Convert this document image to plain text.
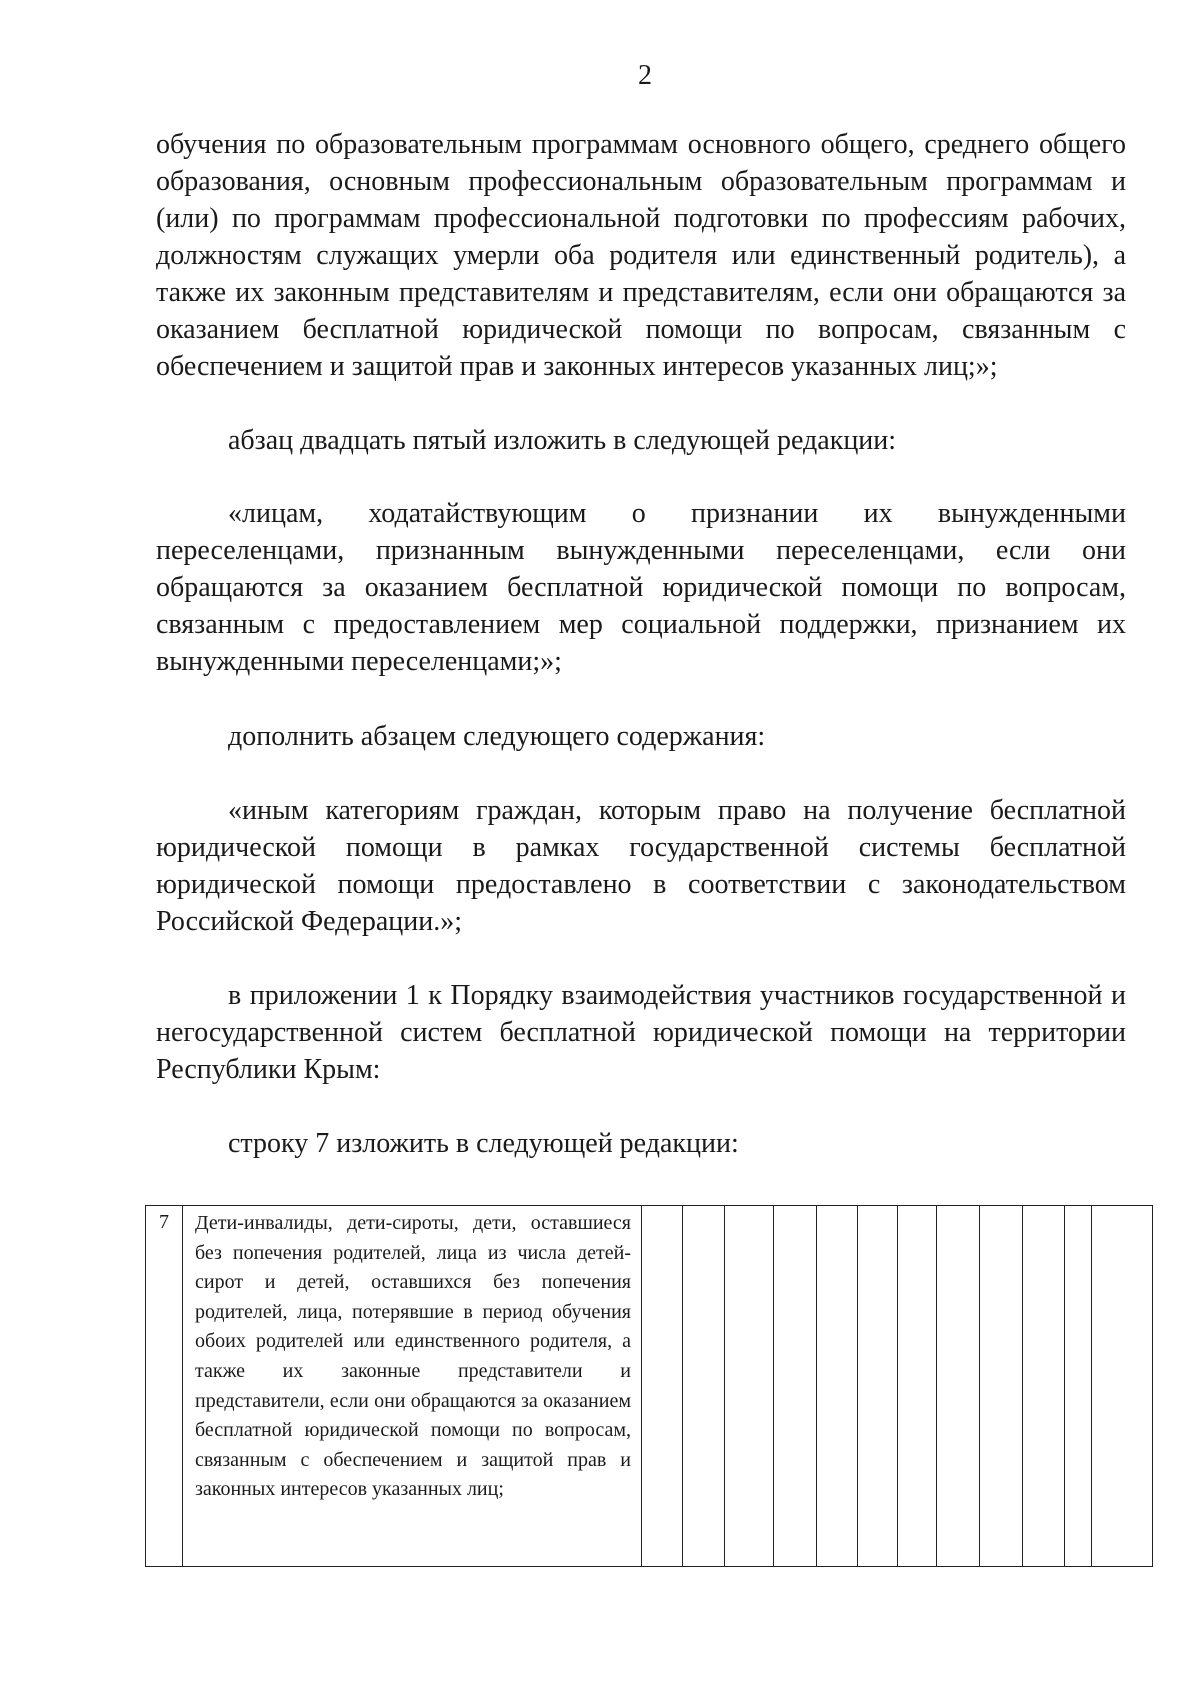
2

обучения по образовательным программам основного общего, среднего общего образования, основным профессиональным образовательным программам и (или) по программам профессиональной подготовки по профессиям рабочих, должностям служащих умерли оба родителя или единственный родитель), а также их законным представителям и представителям, если они обращаются за оказанием бесплатной юридической помощи по вопросам, связанным с обеспечением и защитой прав и законных интересов указанных лиц;»;

абзац двадцать пятый изложить в следующей редакции:

«лицам, ходатайствующим о признании их вынужденными переселенцами, признанным вынужденными переселенцами, если они обращаются за оказанием бесплатной юридической помощи по вопросам, связанным с предоставлением мер социальной поддержки, признанием их вынужденными переселенцами;»;

дополнить абзацем следующего содержания:

«иным категориям граждан, которым право на получение бесплатной юридической помощи в рамках государственной системы бесплатной юридической помощи предоставлено в соответствии с законодательством Российской Федерации.»;

в приложении 1 к Порядку взаимодействия участников государственной и негосударственной систем бесплатной юридической помощи на территории Республики Крым:

строку 7 изложить в следующей редакции:

7	Дети-инвалиды, дети-сироты, дети, оставшиеся без попечения родителей, лица из числа детей-сирот и детей, оставшихся без попечения родителей, лица, потерявшие в период обучения обоих родителей или единственного родителя, а также их законные представители и представители, если они обращаются за оказанием бесплатной юридической помощи по вопросам, связанным с обеспечением и защитой прав и законных интересов указанных лиц;												
